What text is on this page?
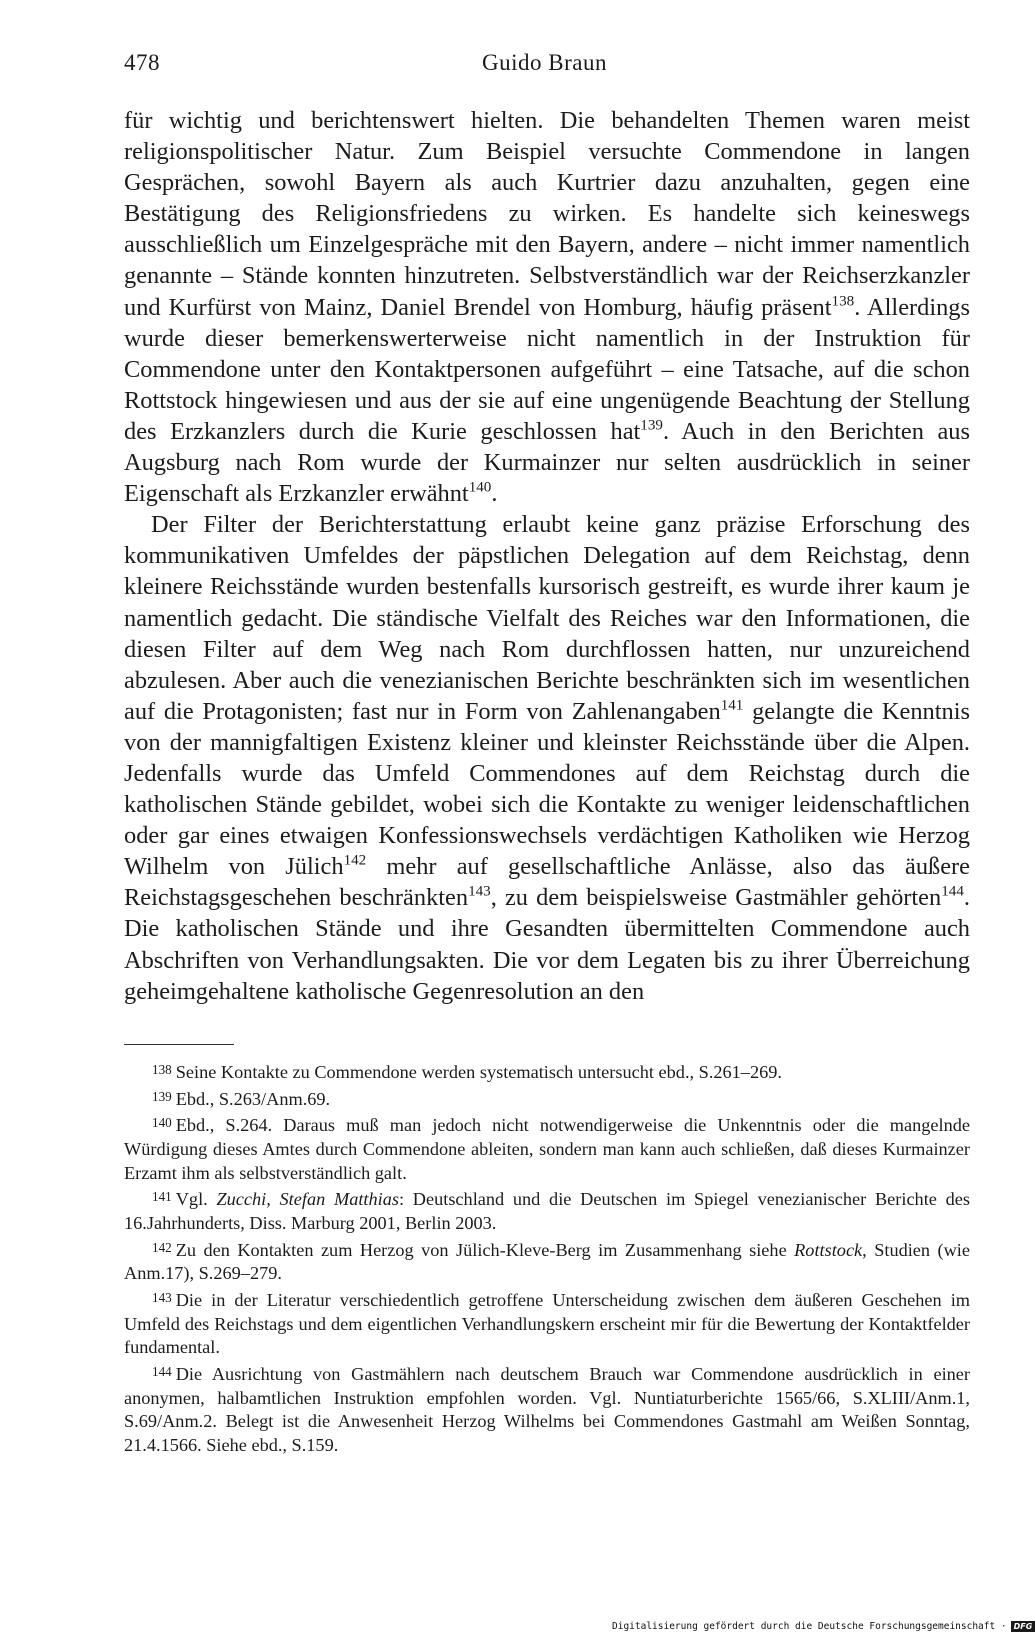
478	Guido Braun

für wichtig und berichtenswert hielten. Die behandelten Themen waren meist religionspolitischer Natur. Zum Beispiel versuchte Commendone in langen Gesprächen, sowohl Bayern als auch Kurtrier dazu anzuhalten, gegen eine Bestätigung des Religionsfriedens zu wirken. Es handelte sich keineswegs ausschließlich um Einzelgespräche mit den Bayern, andere – nicht immer namentlich genannte – Stände konnten hinzutreten. Selbstverständlich war der Reichserzkanzler und Kurfürst von Mainz, Daniel Brendel von Homburg, häufig präsent$^{138}$. Allerdings wurde dieser bemerkenswerterweise nicht namentlich in der Instruktion für Commendone unter den Kontaktpersonen aufgeführt – eine Tatsache, auf die schon Rottstock hingewiesen und aus der sie auf eine ungenügende Beachtung der Stellung des Erzkanzlers durch die Kurie geschlossen hat$^{139}$. Auch in den Berichten aus Augsburg nach Rom wurde der Kurmainzer nur selten ausdrücklich in seiner Eigenschaft als Erzkanzler erwähnt$^{140}$.

Der Filter der Berichterstattung erlaubt keine ganz präzise Erforschung des kommunikativen Umfeldes der päpstlichen Delegation auf dem Reichstag, denn kleinere Reichsstände wurden bestenfalls kursorisch gestreift, es wurde ihrer kaum je namentlich gedacht. Die ständische Vielfalt des Reiches war den Informationen, die diesen Filter auf dem Weg nach Rom durchflossen hatten, nur unzureichend abzulesen. Aber auch die venezianischen Berichte beschränkten sich im wesentlichen auf die Protagonisten; fast nur in Form von Zahlenangaben$^{141}$ gelangte die Kenntnis von der mannigfaltigen Existenz kleiner und kleinster Reichsstände über die Alpen. Jedenfalls wurde das Umfeld Commendones auf dem Reichstag durch die katholischen Stände gebildet, wobei sich die Kontakte zu weniger leidenschaftlichen oder gar eines etwaigen Konfessionswechsels verdächtigen Katholiken wie Herzog Wilhelm von Jülich$^{142}$ mehr auf gesellschaftliche Anlässe, also das äußere Reichstagsgeschehen beschränkten$^{143}$, zu dem beispielsweise Gastmähler gehörten$^{144}$. Die katholischen Stände und ihre Gesandten übermittelten Commendone auch Abschriften von Verhandlungsakten. Die vor dem Legaten bis zu ihrer Überreichung geheimgehaltene katholische Gegenresolution an den

$^{138}$ Seine Kontakte zu Commendone werden systematisch untersucht ebd., S.261–269.

$^{139}$ Ebd., S.263/Anm.69.

$^{140}$ Ebd., S.264. Daraus muß man jedoch nicht notwendigerweise die Unkenntnis oder die mangelnde Würdigung dieses Amtes durch Commendone ableiten, sondern man kann auch schließen, daß dieses Kurmainzer Erzamt ihm als selbstverständlich galt.

$^{141}$ Vgl. Zucchi, Stefan Matthias: Deutschland und die Deutschen im Spiegel venezianischer Berichte des 16.Jahrhunderts, Diss. Marburg 2001, Berlin 2003.

$^{142}$ Zu den Kontakten zum Herzog von Jülich-Kleve-Berg im Zusammenhang siehe Rottstock, Studien (wie Anm.17), S.269–279.

$^{143}$ Die in der Literatur verschiedentlich getroffene Unterscheidung zwischen dem äußeren Geschehen im Umfeld des Reichstags und dem eigentlichen Verhandlungskern erscheint mir für die Bewertung der Kontaktfelder fundamental.

$^{144}$ Die Ausrichtung von Gastmählern nach deutschem Brauch war Commendone ausdrücklich in einer anonymen, halbamtlichen Instruktion empfohlen worden. Vgl. Nuntiaturberichte 1565/66, S.XLIII/Anm.1, S.69/Anm.2. Belegt ist die Anwesenheit Herzog Wilhelms bei Commendones Gastmahl am Weißen Sonntag, 21.4.1566. Siehe ebd., S.159.

Digitalisierung gefördert durch die Deutsche Forschungsgemeinschaft · DFG
